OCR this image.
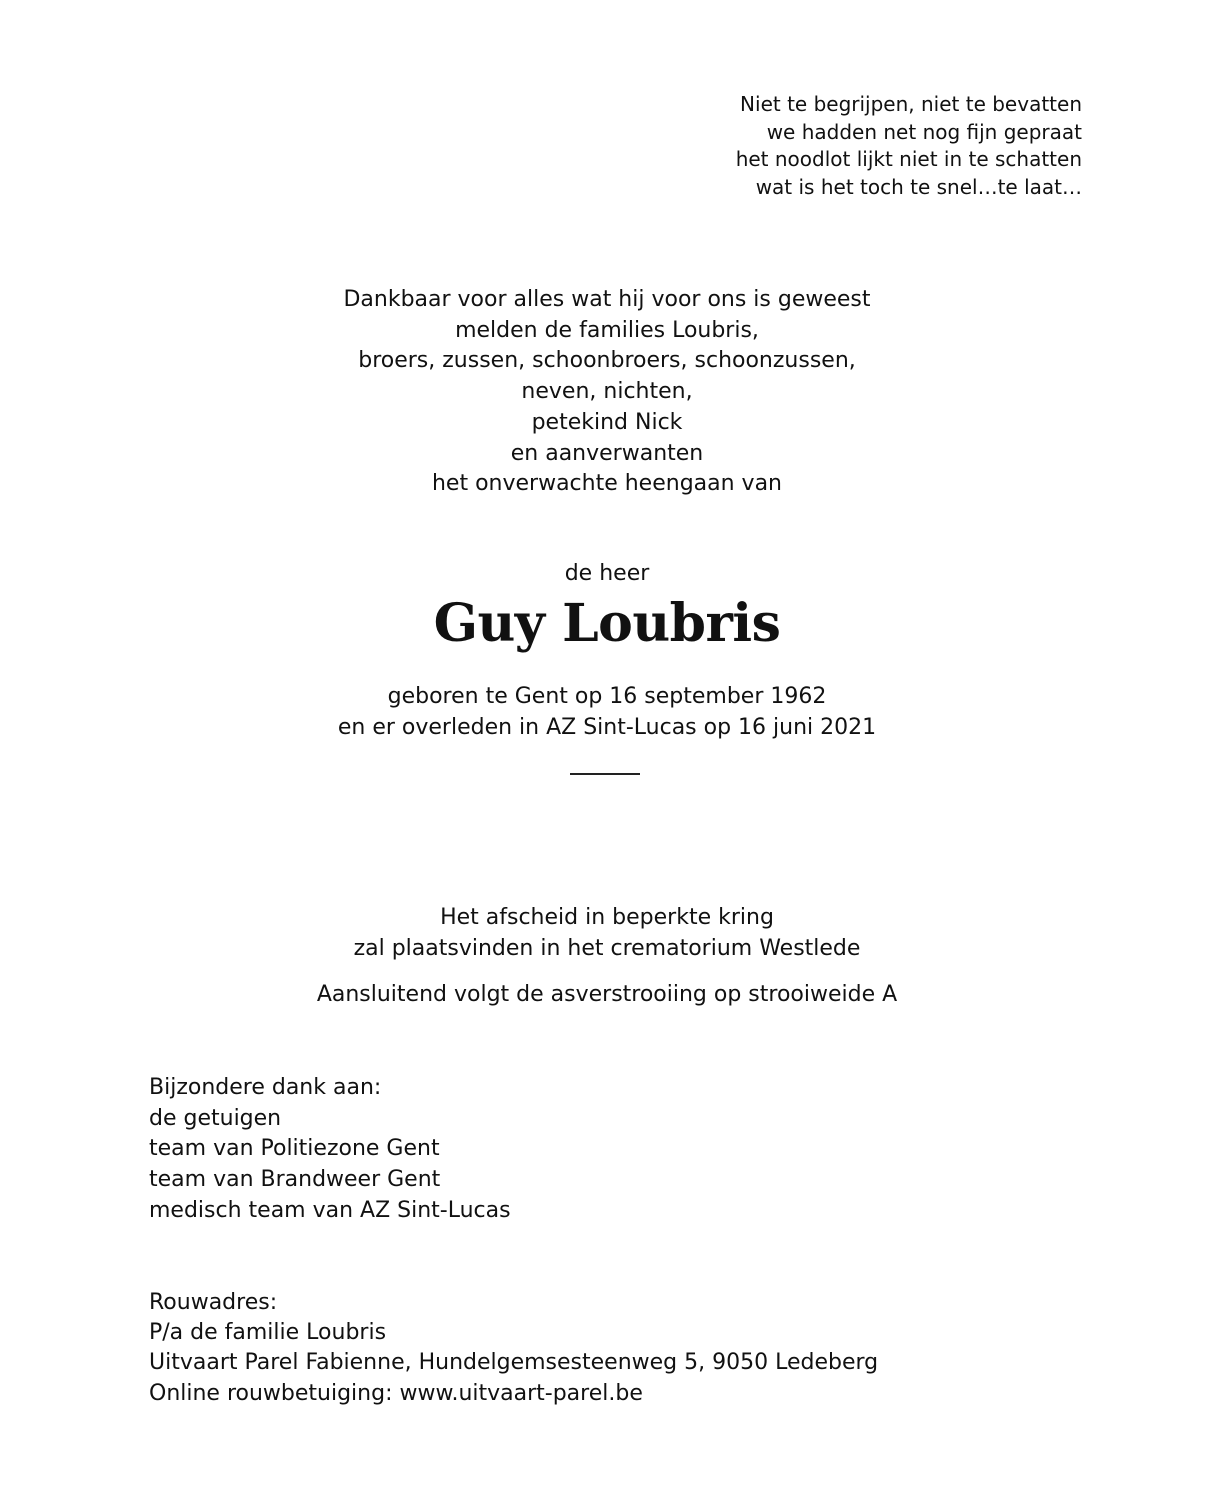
Niet te begrijpen, niet te bevatten
we hadden net nog fijn gepraat
het noodlot lijkt niet in te schatten
wat is het toch te snel…te laat…
Dankbaar voor alles wat hij voor ons is geweest
melden de families Loubris,
broers, zussen, schoonbroers, schoonzussen,
neven, nichten,
petekind Nick
en aanverwanten
het onverwachte heengaan van
de heer
Guy Loubris
geboren te Gent op 16 september 1962
en er overleden in AZ Sint-Lucas op 16 juni 2021
Het afscheid in beperkte kring
zal plaatsvinden in het crematorium Westlede
Aansluitend volgt de asverstrooiing op strooiweide A
Bijzondere dank aan:
de getuigen
team van Politiezone Gent
team van Brandweer Gent
medisch team van AZ Sint-Lucas
Rouwadres:
P/a de familie Loubris
Uitvaart Parel Fabienne, Hundelgemsesteenweg 5, 9050 Ledeberg
Online rouwbetuiging: www.uitvaart-parel.be
